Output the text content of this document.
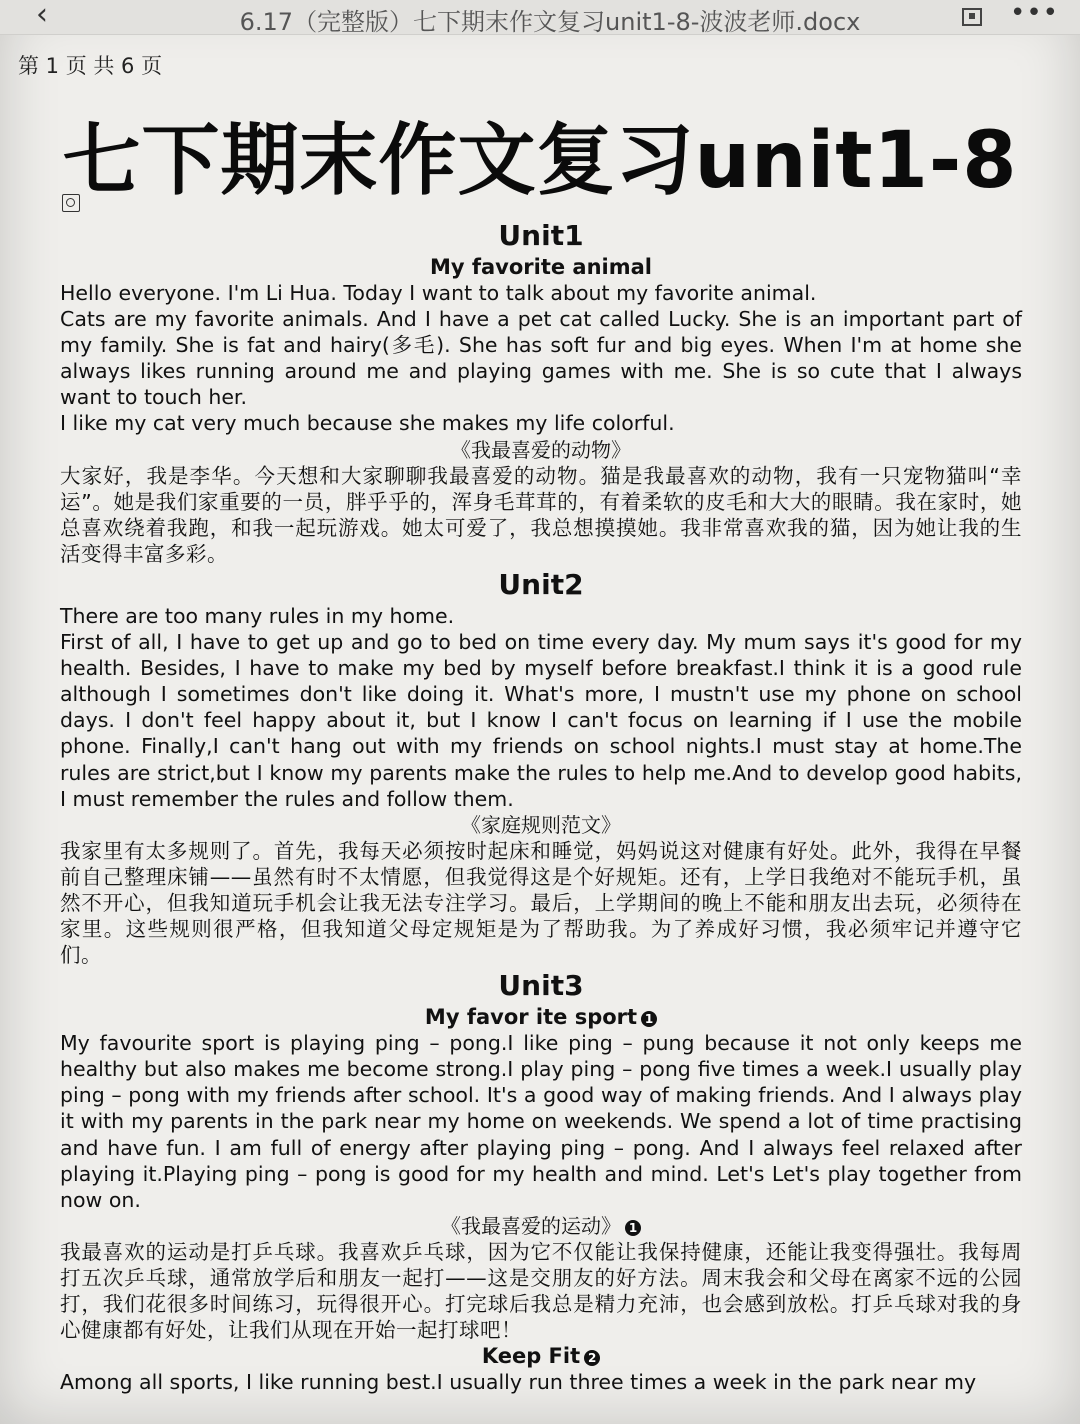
‹	6.17（完整版）七下期末作文复习unit1-8-波波老师.docx	•••
第 1 页 共 6 页
七下期末作文复习unit1-8
Unit1
My favorite animal

Hello everyone. I'm Li Hua. Today I want to talk about my favorite animal.

Cats are my favorite animals. And I have a pet cat called Lucky. She is an important part of my family. She is fat and hairy(多毛). She has soft fur and big eyes. When I'm at home she always likes running around me and playing games with me. She is so cute that I always want to touch her.

I like my cat very much because she makes my life colorful.

《我最喜爱的动物》

大家好，我是李华。今天想和大家聊聊我最喜爱的动物。猫是我最喜欢的动物，我有一只宠物猫叫“幸运”。她是我们家重要的一员，胖乎乎的，浑身毛茸茸的，有着柔软的皮毛和大大的眼睛。我在家时，她总喜欢绕着我跑，和我一起玩游戏。她太可爱了，我总想摸摸她。我非常喜欢我的猫，因为她让我的生活变得丰富多彩。

Unit2

There are too many rules in my home.

First of all, I have to get up and go to bed on time every day. My mum says it's good for my health. Besides, I have to make my bed by myself before breakfast.I think it is a good rule although I sometimes don't like doing it. What's more, I mustn't use my phone on school days. I don't feel happy about it, but I know I can't focus on learning if I use the mobile phone. Finally,I can't hang out with my friends on school nights.I must stay at home.The rules are strict,but I know my parents make the rules to help me.And to develop good habits, I must remember the rules and follow them.

《家庭规则范文》

我家里有太多规则了。首先，我每天必须按时起床和睡觉，妈妈说这对健康有好处。此外，我得在早餐前自己整理床铺——虽然有时不太情愿，但我觉得这是个好规矩。还有，上学日我绝对不能玩手机，虽然不开心，但我知道玩手机会让我无法专注学习。最后，上学期间的晚上不能和朋友出去玩，必须待在家里。这些规则很严格，但我知道父母定规矩是为了帮助我。为了养成好习惯，我必须牢记并遵守它们。

Unit3
My favor ite sport 1

My favourite sport is playing ping – pong.I like ping – pung because it not only keeps me healthy but also makes me become strong.I play ping – pong five times a week.I usually play ping – pong with my friends after school. It's a good way of making friends. And I always play it with my parents in the park near my home on weekends. We spend a lot of time practising and have fun. I am full of energy after playing ping – pong. And I always feel relaxed after playing it.Playing ping – pong is good for my health and mind. Let's Let's play together from now on.

《我最喜爱的运动》 1

我最喜欢的运动是打乒乓球。我喜欢乒乓球，因为它不仅能让我保持健康，还能让我变得强壮。我每周打五次乒乓球，通常放学后和朋友一起打——这是交朋友的好方法。周末我会和父母在离家不远的公园打，我们花很多时间练习，玩得很开心。打完球后我总是精力充沛，也会感到放松。打乒乓球对我的身心健康都有好处，让我们从现在开始一起打球吧！

Keep Fit 2

Among all sports, I like running best.I usually run three times a week in the park near my
